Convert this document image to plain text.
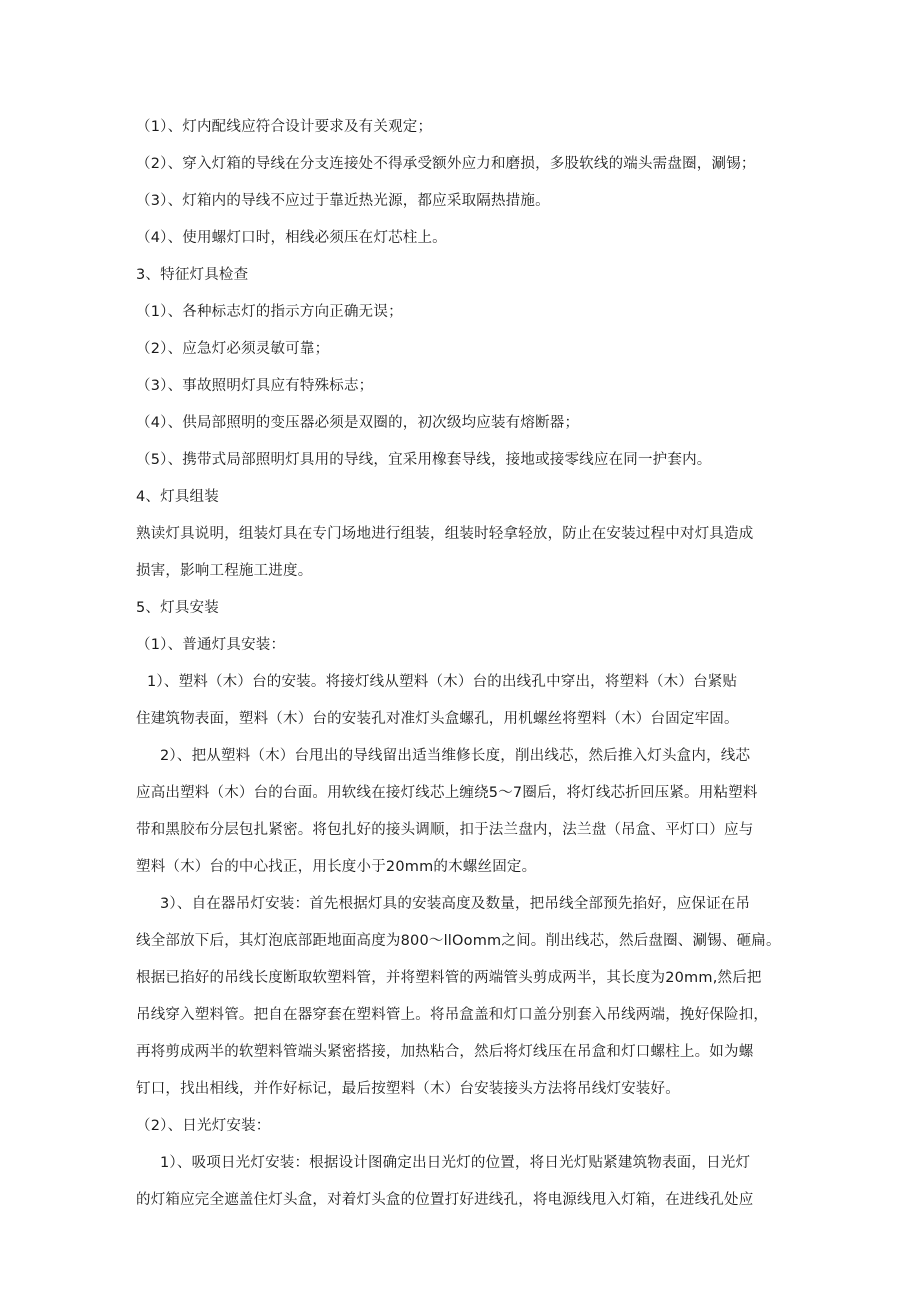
（1）、灯内配线应符合设计要求及有关观定；

（2）、穿入灯箱的导线在分支连接处不得承受额外应力和磨损，多股软线的端头需盘圈，涮锡；

（3）、灯箱内的导线不应过于靠近热光源，都应采取隔热措施。

（4）、使用螺灯口时，相线必须压在灯芯柱上。

3、特征灯具检查

（1）、各种标志灯的指示方向正确无误；

（2）、应急灯必须灵敏可靠；

（3）、事故照明灯具应有特殊标志；

（4）、供局部照明的变压器必须是双圈的，初次级均应装有熔断器；

（5）、携带式局部照明灯具用的导线，宜采用橡套导线，接地或接零线应在同一护套内。

4、灯具组装

熟读灯具说明，组装灯具在专门场地进行组装，组装时轻拿轻放，防止在安装过程中对灯具造成

损害，影响工程施工进度。

5、灯具安装

（1）、普通灯具安装：

1）、塑料（木）台的安装。将接灯线从塑料（木）台的出线孔中穿出，将塑料（木）台紧贴

住建筑物表面，塑料（木）台的安装孔对准灯头盒螺孔，用机螺丝将塑料（木）台固定牢固。

2）、把从塑料（木）台甩出的导线留出适当维修长度，削出线芯，然后推入灯头盒内，线芯

应高出塑料（木）台的台面。用软线在接灯线芯上缠绕5〜7圈后，将灯线芯折回压紧。用粘塑料

带和黑胶布分层包扎紧密。将包扎好的接头调顺，扣于法兰盘内，法兰盘（吊盒、平灯口）应与

塑料（木）台的中心找正，用长度小于20mm的木螺丝固定。

3）、自在器吊灯安装：首先根据灯具的安装高度及数量，把吊线全部预先掐好，应保证在吊

线全部放下后，其灯泡底部距地面高度为800〜llOomm之间。削出线芯，然后盘圈、涮锡、砸扁。

根据已掐好的吊线长度断取软塑料管，并将塑料管的两端管头剪成两半，其长度为20mm,然后把

吊线穿入塑料管。把自在器穿套在塑料管上。将吊盒盖和灯口盖分别套入吊线两端，挽好保险扣，

再将剪成两半的软塑料管端头紧密搭接，加热粘合，然后将灯线压在吊盒和灯口螺柱上。如为螺

钉口，找出相线，并作好标记，最后按塑料（木）台安装接头方法将吊线灯安装好。

（2）、日光灯安装：

1）、吸项日光灯安装：根据设计图确定出日光灯的位置，将日光灯贴紧建筑物表面，日光灯

的灯箱应完全遮盖住灯头盒，对着灯头盒的位置打好进线孔，将电源线甩入灯箱，在进线孔处应
